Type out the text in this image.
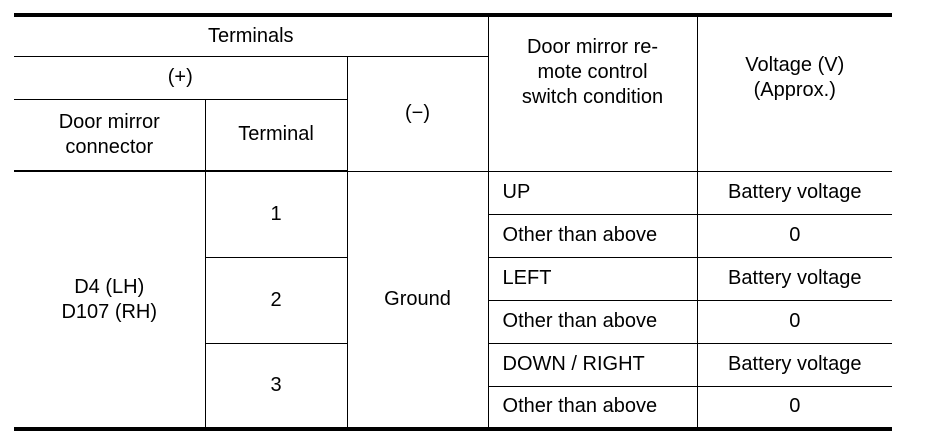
Terminals			Door mirror re-
mote control
switch condition	Voltage (V)
(Approx.)

(+)		(−)		

Door mirror
connector	Terminal			

D4 (LH)
D107 (RH)	1	Ground	UP	Battery voltage
			Other than above	0
	2		LEFT	Battery voltage
			Other than above	0
	3		DOWN / RIGHT	Battery voltage
			Other than above	0
